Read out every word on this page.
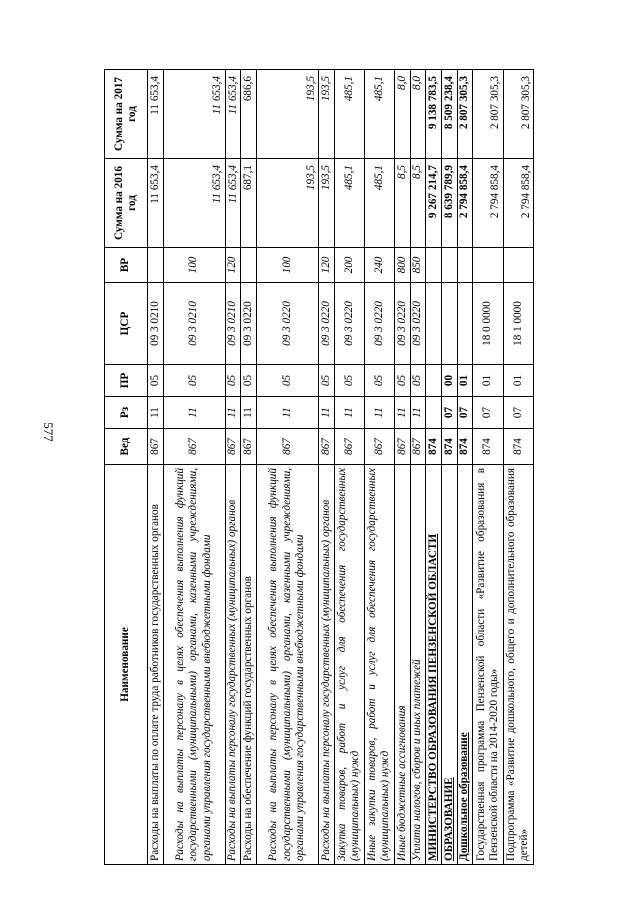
577
Наименование	Вед	Рз	ПР	ЦСР	ВР	Сумма на 2016 год	Сумма на 2017 год
Расходы на выплаты по оплате труда работников государственных органов	867	11	05	09 3 0210		11 653,4	11 653,4
Расходы на выплаты персоналу в целях обеспечения выполнения функций государственными (муниципальными) органами, казенными учреждениями, органами управления государственными внебюджетными фондами	867	11	05	09 3 0210	100	11 653,4	11 653,4
Расходы на выплаты персоналу государственных (муниципальных) органов	867	11	05	09 3 0210	120	11 653,4	11 653,4
Расходы на обеспечение функций государственных органов	867	11	05	09 3 0220		687,1	686,6
Расходы на выплаты персоналу в целях обеспечения выполнения функций государственными (муниципальными) органами, казенными учреждениями, органами управления государственными внебюджетными фондами	867	11	05	09 3 0220	100	193,5	193,5
Расходы на выплаты персоналу государственных (муниципальных) органов	867	11	05	09 3 0220	120	193,5	193,5
Закупка товаров, работ и услуг для обеспечения государственных (муниципальных) нужд	867	11	05	09 3 0220	200	485,1	485,1
Иные закупки товаров, работ и услуг для обеспечения государственных (муниципальных) нужд	867	11	05	09 3 0220	240	485,1	485,1
Иные бюджетные ассигнования	867	11	05	09 3 0220	800	8,5	8,0
Уплата налогов, сборов и иных платежей	867	11	05	09 3 0220	850	8,5	8,0
МИНИСТЕРСТВО ОБРАЗОВАНИЯ ПЕНЗЕНСКОЙ ОБЛАСТИ	874					9 267 214,7	9 138 783,5
ОБРАЗОВАНИЕ	874	07	00			8 639 789,9	8 509 238,4
Дошкольное образование	874	07	01			2 794 858,4	2 807 305,3
Государственная программа Пензенской области «Развитие образования в Пензенской области на 2014-2020 годы»	874	07	01	18 0 0000		2 794 858,4	2 807 305,3
Подпрограмма «Развитие дошкольного, общего и дополнительного образования детей»	874	07	01	18 1 0000		2 794 858,4	2 807 305,3
